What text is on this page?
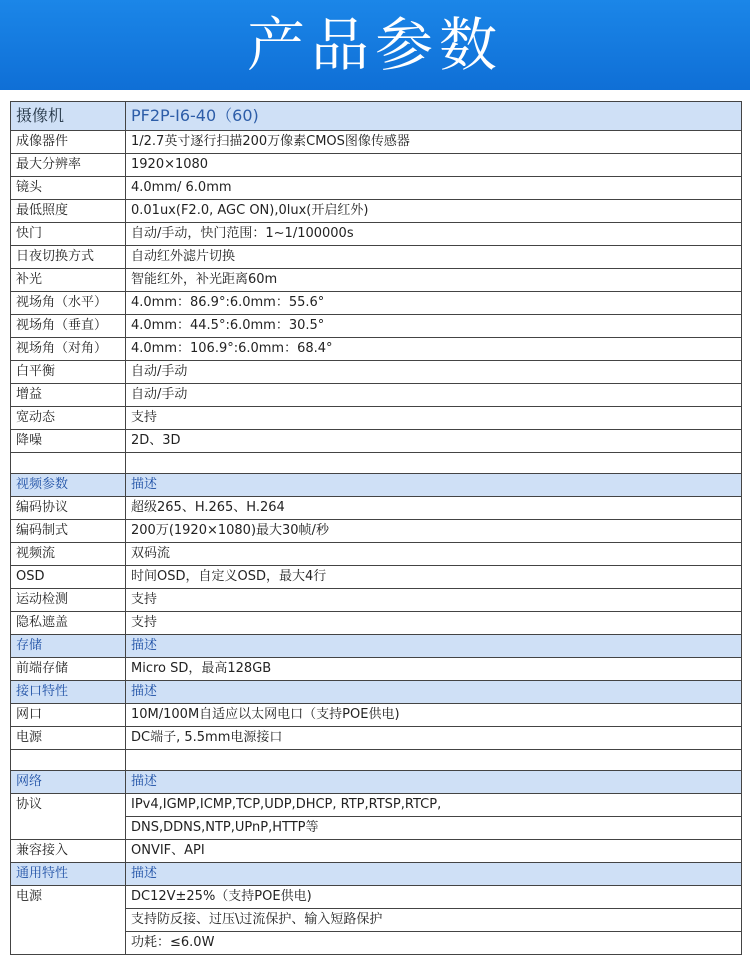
产品参数
摄像机	PF2P-I6-40（60)
成像器件	1/2.7英寸逐行扫描200万像素CMOS图像传感器
最大分辨率	1920×1080
镜头	4.0mm/ 6.0mm
最低照度	0.01ux(F2.0, AGC ON),0lux(开启红外)
快门	自动/手动，快门范围：1~1/100000s
日夜切换方式	自动红外滤片切换
补光	智能红外，补光距离60m
视场角（水平）	4.0mm：86.9°:6.0mm：55.6°
视场角（垂直）	4.0mm：44.5°:6.0mm：30.5°
视场角（对角）	4.0mm：106.9°:6.0mm：68.4°
白平衡	自动/手动
增益	自动/手动
宽动态	支持
降噪	2D、3D

视频参数	描述
编码协议	超级265、H.265、H.264
编码制式	200万(1920×1080)最大30帧/秒
视频流	双码流
OSD	时间OSD，自定义OSD，最大4行
运动检测	支持
隐私遮盖	支持
存储	描述
前端存储	Micro SD，最高128GB
接口特性	描述
网口	10M/100M自适应以太网电口（支持POE供电)
电源	DC端子, 5.5mm电源接口

网络	描述
协议	IPv4,IGMP,ICMP,TCP,UDP,DHCP, RTP,RTSP,RTCP,
	DNS,DDNS,NTP,UPnP,HTTP等
兼容接入	ONVIF、API
通用特性	描述
电源	DC12V±25%（支持POE供电)
	支持防反接、过压\过流保护、输入短路保护
	功耗：≤6.0W
